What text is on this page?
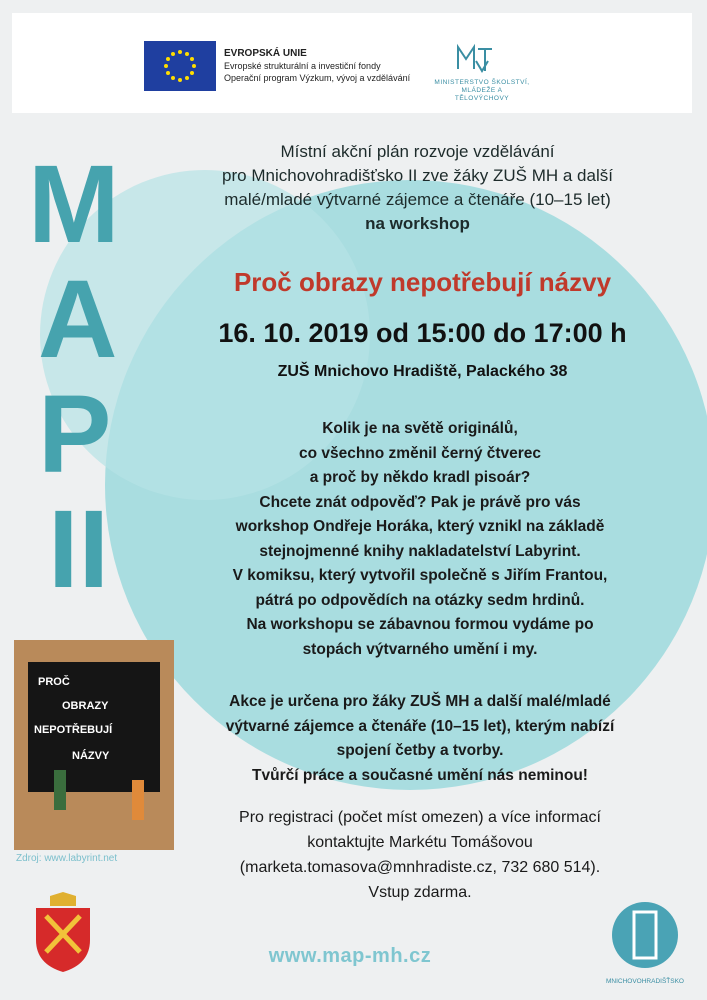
EVROPSKÁ UNIE
Evropské strukturální a investiční fondy
Operační program Výzkum, vývoj a vzdělávání	MINISTERSTVO ŠKOLSTVÍ,
MLÁDEŽE A TĚLOVÝCHOVY
M
A
P
II
Místní akční plán rozvoje vzdělávání
pro Mnichovohradišťsko II zve žáky ZUŠ MH a další
malé/mladé výtvarné zájemce a čtenáře (10–15 let)
na workshop
Proč obrazy nepotřebují názvy
16. 10. 2019 od 15:00 do 17:00 h
ZUŠ Mnichovo Hradiště, Palackého 38
Kolik je na světě originálů,
co všechno změnil černý čtverec
a proč by někdo kradl pisoár?
Chcete znát odpověď? Pak je právě pro vás
workshop Ondřeje Horáka, který vznikl na základě
stejnojmenné knihy nakladatelství Labyrint.
V komiksu, který vytvořil společně s Jiřím Frantou,
pátrá po odpovědích na otázky sedm hrdinů.
Na workshopu se zábavnou formou vydáme po
stopách výtvarného umění i my.
Akce je určena pro žáky ZUŠ MH a další malé/mladé
výtvarné zájemce a čtenáře (10–15 let), kterým nabízí
spojení četby a tvorby.
Tvůrčí práce a současné umění nás neminou!
Pro registraci (počet míst omezen) a více informací
kontaktujte Markétu Tomášovou
(marketa.tomasova@mnhradiste.cz, 732 680 514).
Vstup zdarma.
PROČ
OBRAZY
NEPOTŘEBUJÍ
NÁZVY
Zdroj: www.labyrint.net
www.map-mh.cz
MNICHOVOHRADIŠŤSKO
